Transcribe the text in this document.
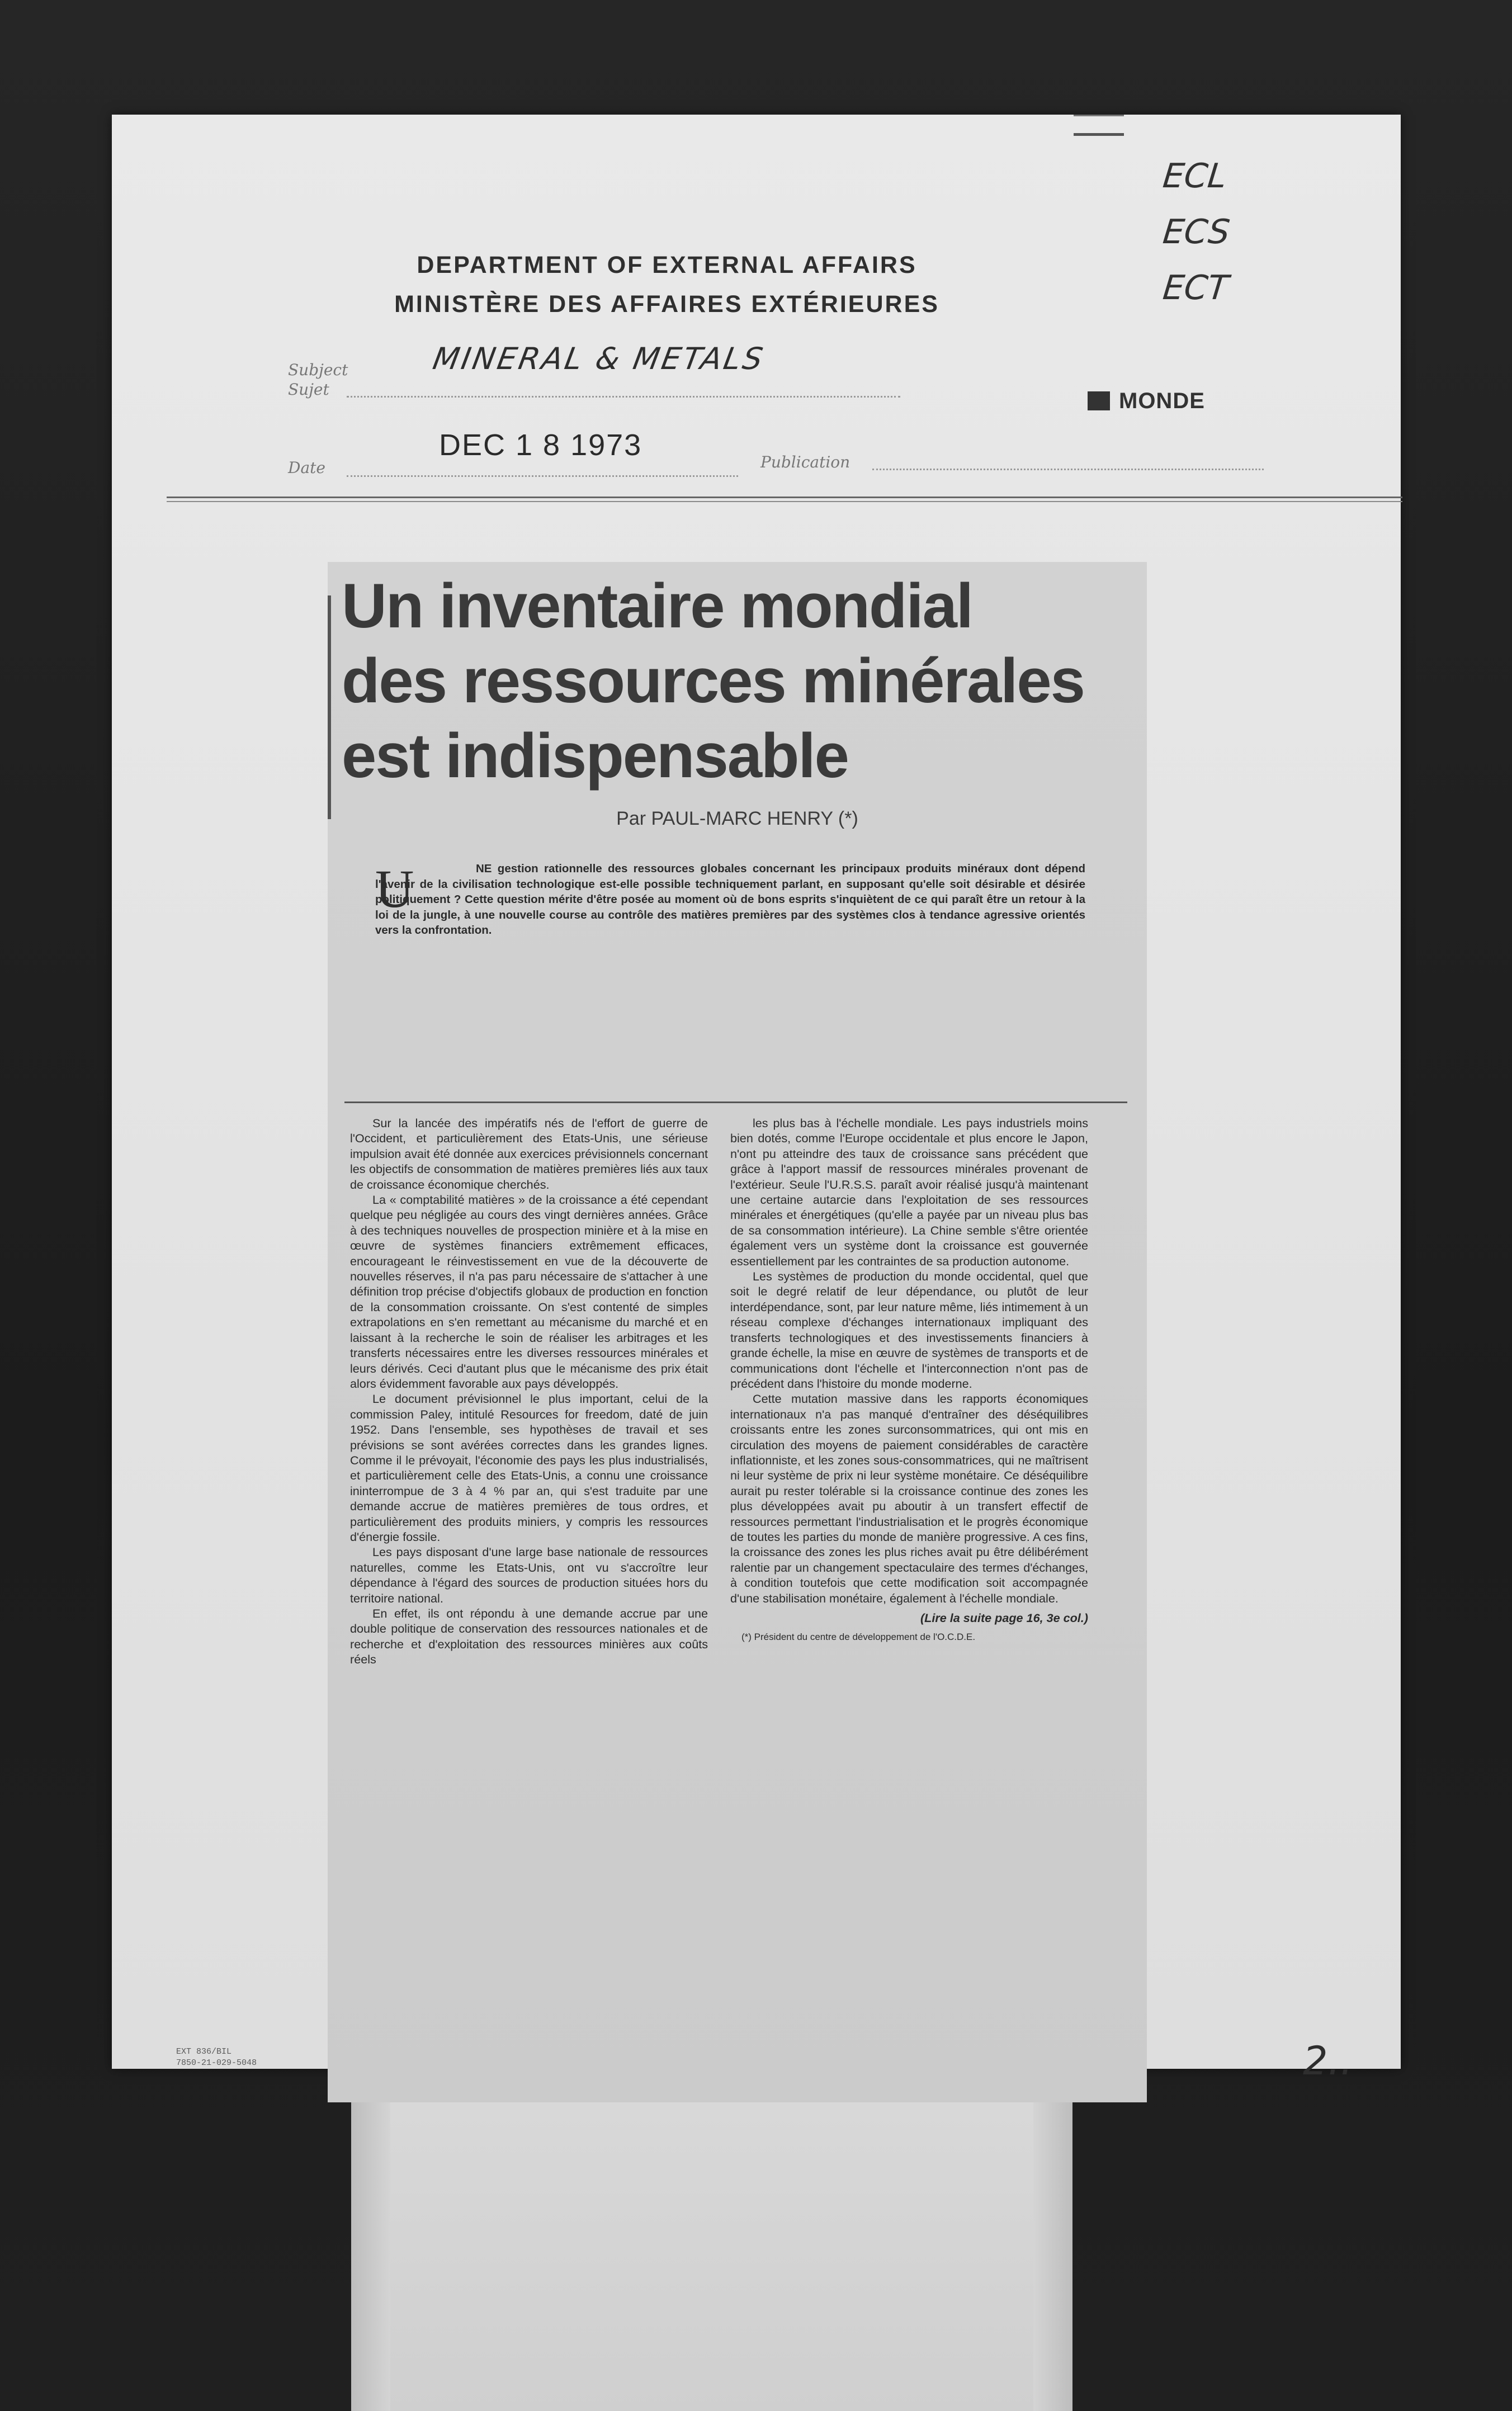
ECL
ECS
ECT
DEPARTMENT OF EXTERNAL AFFAIRS
MINISTÈRE DES AFFAIRES EXTÉRIEURES
Subject
Sujet
MINERAL & METALS
MONDE
Date
DEC 1 8 1973
Publication
Un inventaire mondial
des ressources minérales
est indispensable
Par PAUL-MARC HENRY (*)
U	NE gestion rationnelle des ressources globales concernant les principaux produits minéraux dont dépend l'avenir de la civilisation technologique est-elle possible techniquement parlant, en supposant qu'elle soit désirable et désirée politiquement ? Cette question mérite d'être posée au moment où de bons esprits s'inquiètent de ce qui paraît être un retour à la loi de la jungle, à une nouvelle course au contrôle des matières premières par des systèmes clos à tendance agressive orientés vers la confrontation.

Sur la lancée des impératifs nés de l'effort de guerre de l'Occident, et particulièrement des Etats-Unis, une sérieuse impulsion avait été donnée aux exercices prévisionnels concernant les objectifs de consommation de matières premières liés aux taux de croissance économique cherchés.

La « comptabilité matières » de la croissance a été cependant quelque peu négligée au cours des vingt dernières années. Grâce à des techniques nouvelles de prospection minière et à la mise en œuvre de systèmes financiers extrêmement efficaces, encourageant le réinvestissement en vue de la découverte de nouvelles réserves, il n'a pas paru nécessaire de s'attacher à une définition trop précise d'objectifs globaux de production en fonction de la consommation croissante. On s'est contenté de simples extrapolations en s'en remettant au mécanisme du marché et en laissant à la recherche le soin de réaliser les arbitrages et les transferts nécessaires entre les diverses ressources minérales et leurs dérivés. Ceci d'autant plus que le mécanisme des prix était alors évidemment favorable aux pays développés.

Le document prévisionnel le plus important, celui de la commission Paley, intitulé Resources for freedom, daté de juin 1952. Dans l'ensemble, ses hypothèses de travail et ses prévisions se sont avérées correctes dans les grandes lignes. Comme il le prévoyait, l'économie des pays les plus industrialisés, et particulièrement celle des Etats-Unis, a connu une croissance ininterrompue de 3 à 4 % par an, qui s'est traduite par une demande accrue de matières premières de tous ordres, et particulièrement des produits miniers, y compris les ressources d'énergie fossile.

Les pays disposant d'une large base nationale de ressources naturelles, comme les Etats-Unis, ont vu s'accroître leur dépendance à l'égard des sources de production situées hors du territoire national.

En effet, ils ont répondu à une demande accrue par une double politique de conservation des ressources nationales et de recherche et d'exploitation des ressources minières aux coûts réels

les plus bas à l'échelle mondiale. Les pays industriels moins bien dotés, comme l'Europe occidentale et plus encore le Japon, n'ont pu atteindre des taux de croissance sans précédent que grâce à l'apport massif de ressources minérales provenant de l'extérieur. Seule l'U.R.S.S. paraît avoir réalisé jusqu'à maintenant une certaine autarcie dans l'exploitation de ses ressources minérales et énergétiques (qu'elle a payée par un niveau plus bas de sa consommation intérieure). La Chine semble s'être orientée également vers un système dont la croissance est gouvernée essentiellement par les contraintes de sa production autonome.

Les systèmes de production du monde occidental, quel que soit le degré relatif de leur dépendance, ou plutôt de leur interdépendance, sont, par leur nature même, liés intimement à un réseau complexe d'échanges internationaux impliquant des transferts technologiques et des investissements financiers à grande échelle, la mise en œuvre de systèmes de transports et de communications dont l'échelle et l'interconnection n'ont pas de précédent dans l'histoire du monde moderne.

Cette mutation massive dans les rapports économiques internationaux n'a pas manqué d'entraîner des déséquilibres croissants entre les zones surconsommatrices, qui ont mis en circulation des moyens de paiement considérables de caractère inflationniste, et les zones sous-consommatrices, qui ne maîtrisent ni leur système de prix ni leur système monétaire. Ce déséquilibre aurait pu rester tolérable si la croissance continue des zones les plus développées avait pu aboutir à un transfert effectif de ressources permettant l'industrialisation et le progrès économique de toutes les parties du monde de manière progressive. A ces fins, la croissance des zones les plus riches avait pu être délibérément ralentie par un changement spectaculaire des termes d'échanges, à condition toutefois que cette modification soit accompagnée d'une stabilisation monétaire, également à l'échelle mondiale.

(Lire la suite page 16, 3e col.)

(*) Président du centre de développement de l'O.C.D.E.

EXT 836/BIL
7850-21-029-5048	2..
